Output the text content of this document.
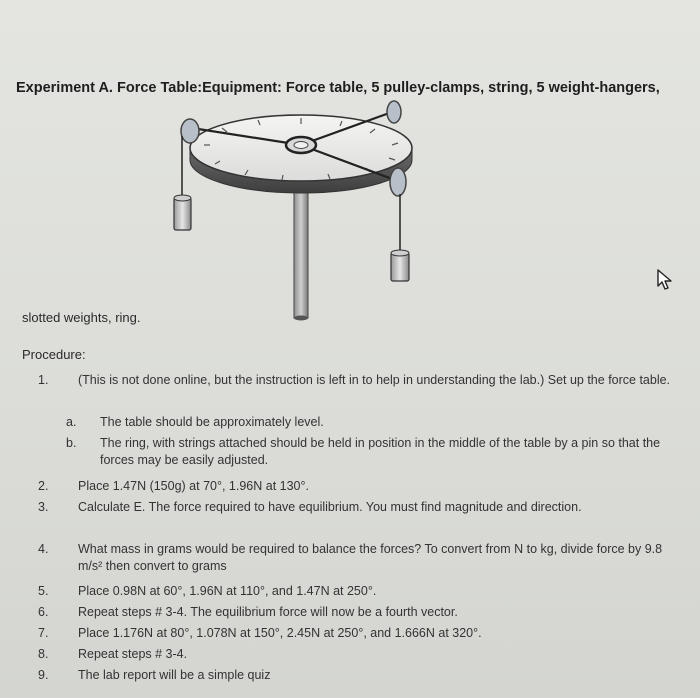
Experiment A. Force Table:Equipment: Force table, 5 pulley-clamps, string, 5 weight-hangers,
slotted weights, ring.
Procedure:
1. (This is not done online, but the instruction is left in to help in understanding the lab.) Set up the force table.
a. The table should be approximately level.
b. The ring, with strings attached should be held in position in the middle of the table by a pin so that the forces may be easily adjusted.
2. Place 1.47N (150g) at 70°, 1.96N at 130°.
3. Calculate E. The force required to have equilibrium. You must find magnitude and direction.
4. What mass in grams would be required to balance the forces? To convert from N to kg, divide force by 9.8 m/s² then convert to grams
5. Place 0.98N at 60°, 1.96N at 110°, and 1.47N at 250°.
6. Repeat steps # 3-4. The equilibrium force will now be a fourth vector.
7. Place 1.176N at 80°, 1.078N at 150°, 2.45N at 250°, and 1.666N at 320°.
8. Repeat steps # 3-4.
9. The lab report will be a simple quiz
